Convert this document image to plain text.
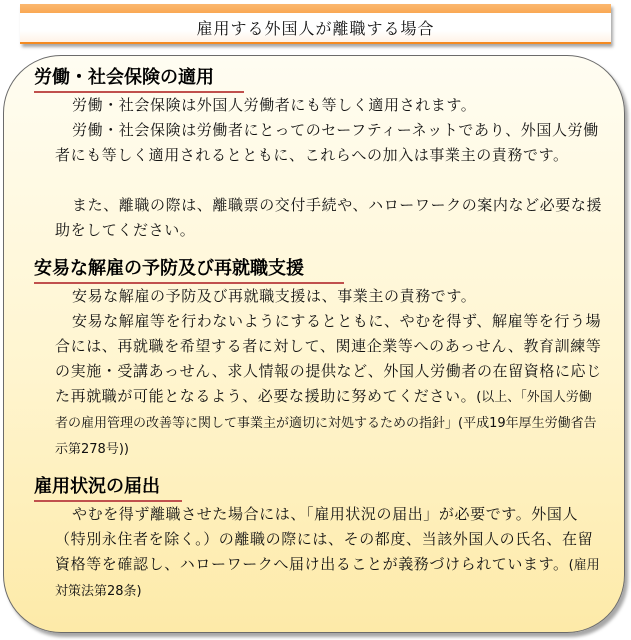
雇用する外国人が離職する場合
労働・社会保険の適用

労働・社会保険は外国人労働者にも等しく適用されます。

労働・社会保険は労働者にとってのセーフティーネットであり、外国人労働者にも等しく適用されるとともに、これらへの加入は事業主の責務です。

また、離職の際は、離職票の交付手続や、ハローワークの案内など必要な援助をしてください。

安易な解雇の予防及び再就職支援

安易な解雇の予防及び再就職支援は、事業主の責務です。

安易な解雇等を行わないようにするとともに、やむを得ず、解雇等を行う場合には、再就職を希望する者に対して、関連企業等へのあっせん、教育訓練等の実施・受講あっせん、求人情報の提供など、外国人労働者の在留資格に応じた再就職が可能となるよう、必要な援助に努めてください。(以上、「外国人労働者の雇用管理の改善等に関して事業主が適切に対処するための指針」(平成19年厚生労働省告示第278号))

雇用状況の届出

やむを得ず離職させた場合には、「雇用状況の届出」が必要です。外国人（特別永住者を除く。）の離職の際には、その都度、当該外国人の氏名、在留資格等を確認し、ハローワークへ届け出ることが義務づけられています。(雇用対策法第28条)
